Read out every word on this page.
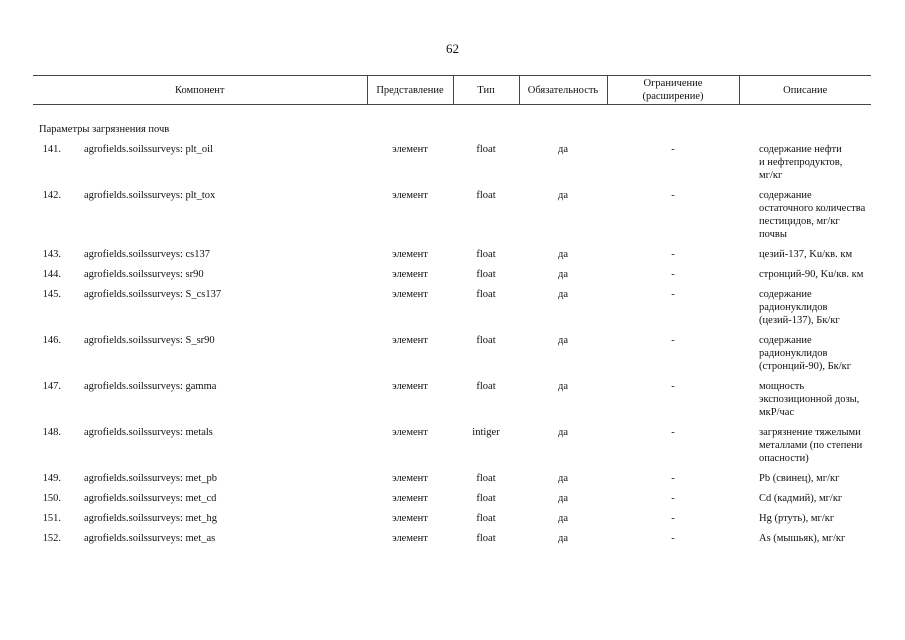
62
Компонент		Представление	Тип	Обязательность	Ограничение (расширение)	Описание
Параметры загрязнения почв						
141.	agrofields.soilssurveys: plt_oil	элемент	float	да	-	содержание нефти
и нефтепродуктов,
мг/кг
142.	agrofields.soilssurveys: plt_tox	элемент	float	да	-	содержание
остаточного количества
пестицидов, мг/кг
почвы
143.	agrofields.soilssurveys: cs137	элемент	float	да	-	цезий-137, Ku/кв. км
144.	agrofields.soilssurveys: sr90	элемент	float	да	-	стронций-90, Ku/кв. км
145.	agrofields.soilssurveys: S_cs137	элемент	float	да	-	содержание
радионуклидов
(цезий-137), Бк/кг
146.	agrofields.soilssurveys: S_sr90	элемент	float	да	-	содержание
радионуклидов
(стронций-90), Бк/кг
147.	agrofields.soilssurveys: gamma	элемент	float	да	-	мощность
экспозиционной дозы,
мкР/час
148.	agrofields.soilssurveys: metals	элемент	intiger	да	-	загрязнение тяжелыми
металлами (по степени
опасности)
149.	agrofields.soilssurveys: met_pb	элемент	float	да	-	Pb (свинец), мг/кг
150.	agrofields.soilssurveys: met_cd	элемент	float	да	-	Cd (кадмий), мг/кг
151.	agrofields.soilssurveys: met_hg	элемент	float	да	-	Hg (ртуть), мг/кг
152.	agrofields.soilssurveys: met_as	элемент	float	да	-	As (мышьяк), мг/кг
